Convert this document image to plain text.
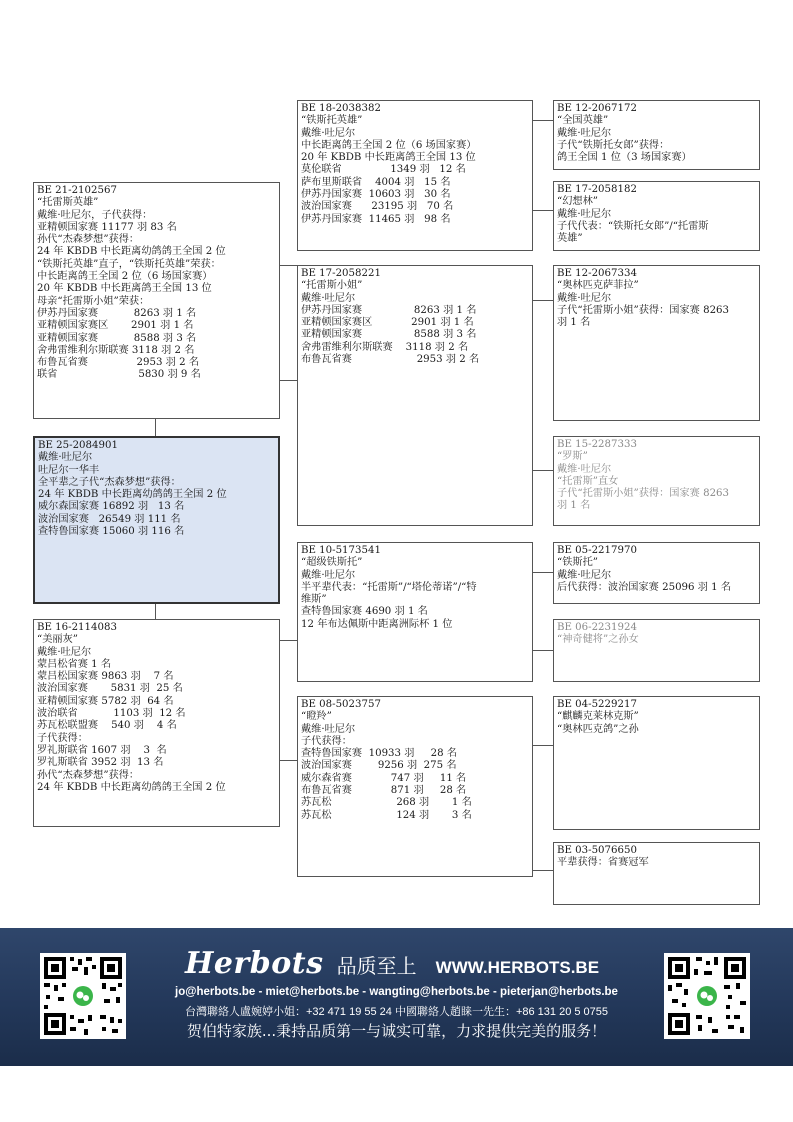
BE 21-2102567
“托雷斯英雄”
戴维·吐尼尔，子代获得：
亚精顿国家赛 11177 羽 83 名
孙代“杰森梦想”获得：
24 年 KBDB 中长距离幼鸽鸽王全国 2 位
“铁斯托英雄”直子，“铁斯托英雄”荣获：
中长距离鸽王全国 2 位（6 场国家赛）
20 年 KBDB 中长距离鸽王全国 13 位
母亲“托雷斯小姐”荣获：
伊苏丹国家赛           8263 羽 1 名
亚精顿国家赛区       2901 羽 1 名
亚精顿国家赛           8588 羽 3 名
舍弗雷维利尔斯联赛 3118 羽 2 名
布鲁瓦省赛               2953 羽 2 名
联省                         5830 羽 9 名
BE 25-2084901
戴维·吐尼尔
吐尼尔一华丰
全平辈之子代“杰森梦想”获得：
24 年 KBDB 中长距离幼鸽鸽王全国 2 位
威尔森国家赛 16892 羽   13 名
波治国家赛   26549 羽 111 名
查特鲁国家赛 15060 羽 116 名
BE 16-2114083
“美丽灰”
戴维·吐尼尔
蒙吕松省赛 1 名
蒙吕松国家赛 9863 羽    7 名
波治国家赛       5831 羽  25 名
亚精顿国家赛 5782 羽  64 名
波治联省           1103 羽  12 名
苏瓦松联盟赛    540 羽    4 名
子代获得：
罗礼斯联省 1607 羽    3  名
罗礼斯联省 3952 羽  13 名
孙代“杰森梦想”获得：
24 年 KBDB 中长距离幼鸽鸽王全国 2 位
BE 18-2038382
“铁斯托英雄”
戴维·吐尼尔
中长距离鸽王全国 2 位（6 场国家赛）
20 年 KBDB 中长距离鸽王全国 13 位
莫伦联省               1349 羽   12 名
萨布里斯联省    4004 羽   15 名
伊苏丹国家赛  10603 羽   30 名
波治国家赛      23195 羽   70 名
伊苏丹国家赛  11465 羽   98 名
BE 17-2058221
“托雷斯小姐”
戴维·吐尼尔
伊苏丹国家赛                8263 羽 1 名
亚精顿国家赛区            2901 羽 1 名
亚精顿国家赛                8588 羽 3 名
舍弗雷维利尔斯联赛    3118 羽 2 名
布鲁瓦省赛                    2953 羽 2 名
BE 10-5173541
“超级铁斯托”
戴维·吐尼尔
半平辈代表：“托雷斯”/“塔伦蒂诺”/“特
维斯”
查特鲁国家赛 4690 羽 1 名
12 年布达佩斯中距离洲际杯 1 位
BE 08-5023757
“瞪羚”
戴维·吐尼尔
子代获得：
查特鲁国家赛  10933 羽     28 名
波治国家赛        9256 羽  275 名
威尔森省赛            747 羽     11 名
布鲁瓦省赛            871 羽     28 名
苏瓦松                    268 羽       1 名
苏瓦松                    124 羽       3 名
BE 12-2067172
“全国英雄”
戴维·吐尼尔
子代“铁斯托女郎”获得：
鸽王全国 1 位（3 场国家赛）
BE 17-2058182
“幻想林”
戴维·吐尼尔
子代代表：“铁斯托女郎”/“托雷斯
英雄”
BE 12-2067334
“奥林匹克萨菲拉”
戴维·吐尼尔
子代“托雷斯小姐”获得：国家赛 8263
羽 1 名
BE 15-2287333
“罗斯”
戴维·吐尼尔
“托雷斯”直女
子代“托雷斯小姐”获得：国家赛 8263
羽 1 名
BE 05-2217970
“铁斯托”
戴维·吐尼尔
后代获得：波治国家赛 25096 羽 1 名
BE 06-2231924
“神奇健将”之孙女
BE 04-5229217
“麒麟克莱林克斯”
“奥林匹克鸽”之孙
BE 03-5076650
平辈获得：省赛冠军
Herbots 品质至上 WWW.HERBOTS.BE
jo@herbots.be - miet@herbots.be - wangting@herbots.be - pieterjan@herbots.be
台灣聯絡人盧婉婷小姐：+32 471 19 55 24 中國聯絡人趙睐一先生：+86 131 20 5 0755
贺伯特家族...秉持品质第一与诚实可靠，力求提供完美的服务！
